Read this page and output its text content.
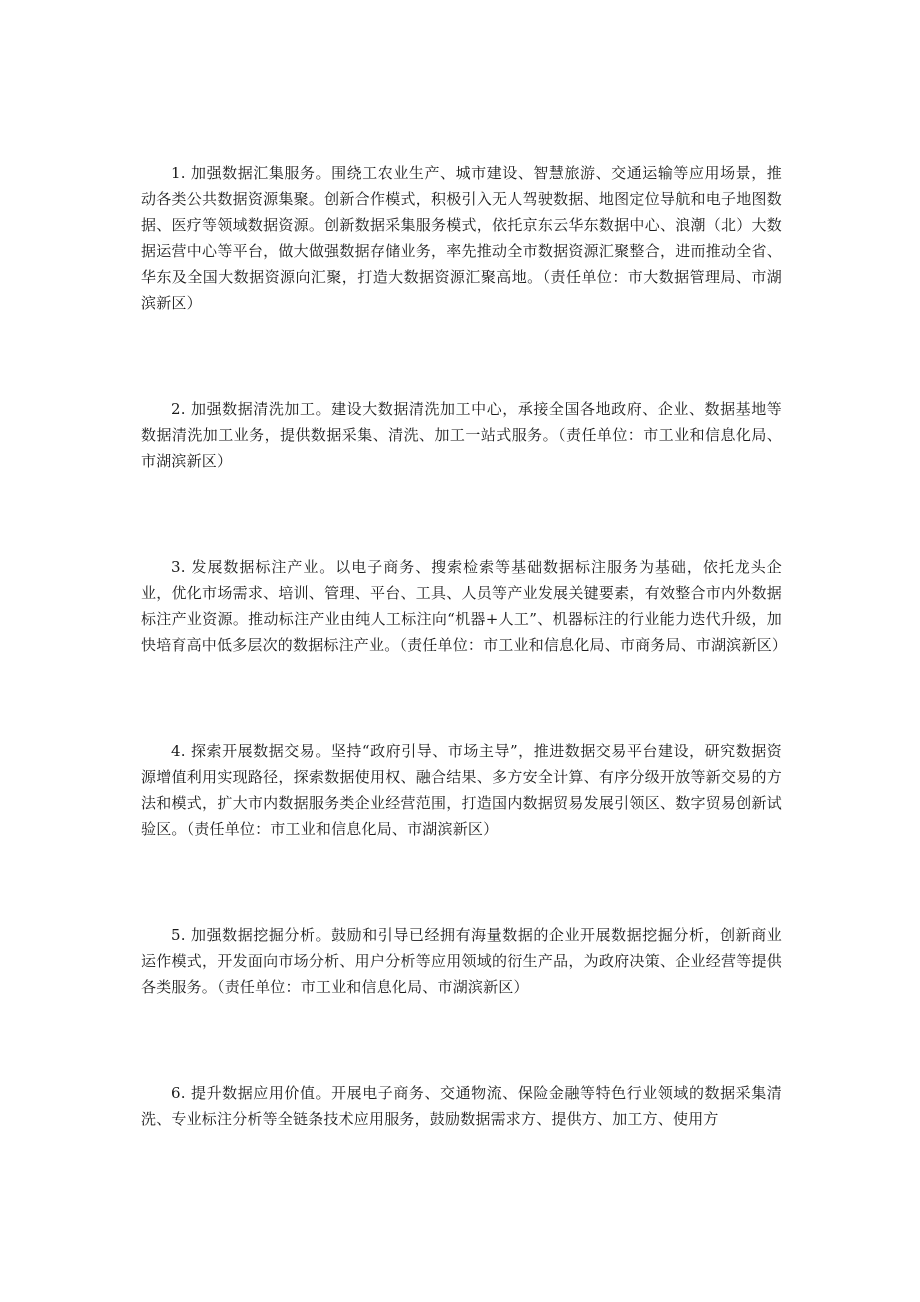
1. 加强数据汇集服务。围绕工农业生产、城市建设、智慧旅游、交通运输等应用场景，推动各类公共数据资源集聚。创新合作模式，积极引入无人驾驶数据、地图定位导航和电子地图数据、医疗等领域数据资源。创新数据采集服务模式，依托京东云华东数据中心、浪潮（北）大数据运营中心等平台，做大做强数据存储业务，率先推动全市数据资源汇聚整合，进而推动全省、华东及全国大数据资源向汇聚，打造大数据资源汇聚高地。（责任单位：市大数据管理局、市湖滨新区）

2. 加强数据清洗加工。建设大数据清洗加工中心，承接全国各地政府、企业、数据基地等数据清洗加工业务，提供数据采集、清洗、加工一站式服务。（责任单位：市工业和信息化局、市湖滨新区）

3. 发展数据标注产业。以电子商务、搜索检索等基础数据标注服务为基础，依托龙头企业，优化市场需求、培训、管理、平台、工具、人员等产业发展关键要素，有效整合市内外数据标注产业资源。推动标注产业由纯人工标注向“机器+人工”、机器标注的行业能力迭代升级，加快培育高中低多层次的数据标注产业。（责任单位：市工业和信息化局、市商务局、市湖滨新区）

4. 探索开展数据交易。坚持“政府引导、市场主导”，推进数据交易平台建设，研究数据资源增值利用实现路径，探索数据使用权、融合结果、多方安全计算、有序分级开放等新交易的方法和模式，扩大市内数据服务类企业经营范围，打造国内数据贸易发展引领区、数字贸易创新试验区。（责任单位：市工业和信息化局、市湖滨新区）

5. 加强数据挖掘分析。鼓励和引导已经拥有海量数据的企业开展数据挖掘分析，创新商业运作模式，开发面向市场分析、用户分析等应用领域的衍生产品，为政府决策、企业经营等提供各类服务。（责任单位：市工业和信息化局、市湖滨新区）

6. 提升数据应用价值。开展电子商务、交通物流、保险金融等特色行业领域的数据采集清洗、专业标注分析等全链条技术应用服务，鼓励数据需求方、提供方、加工方、使用方
